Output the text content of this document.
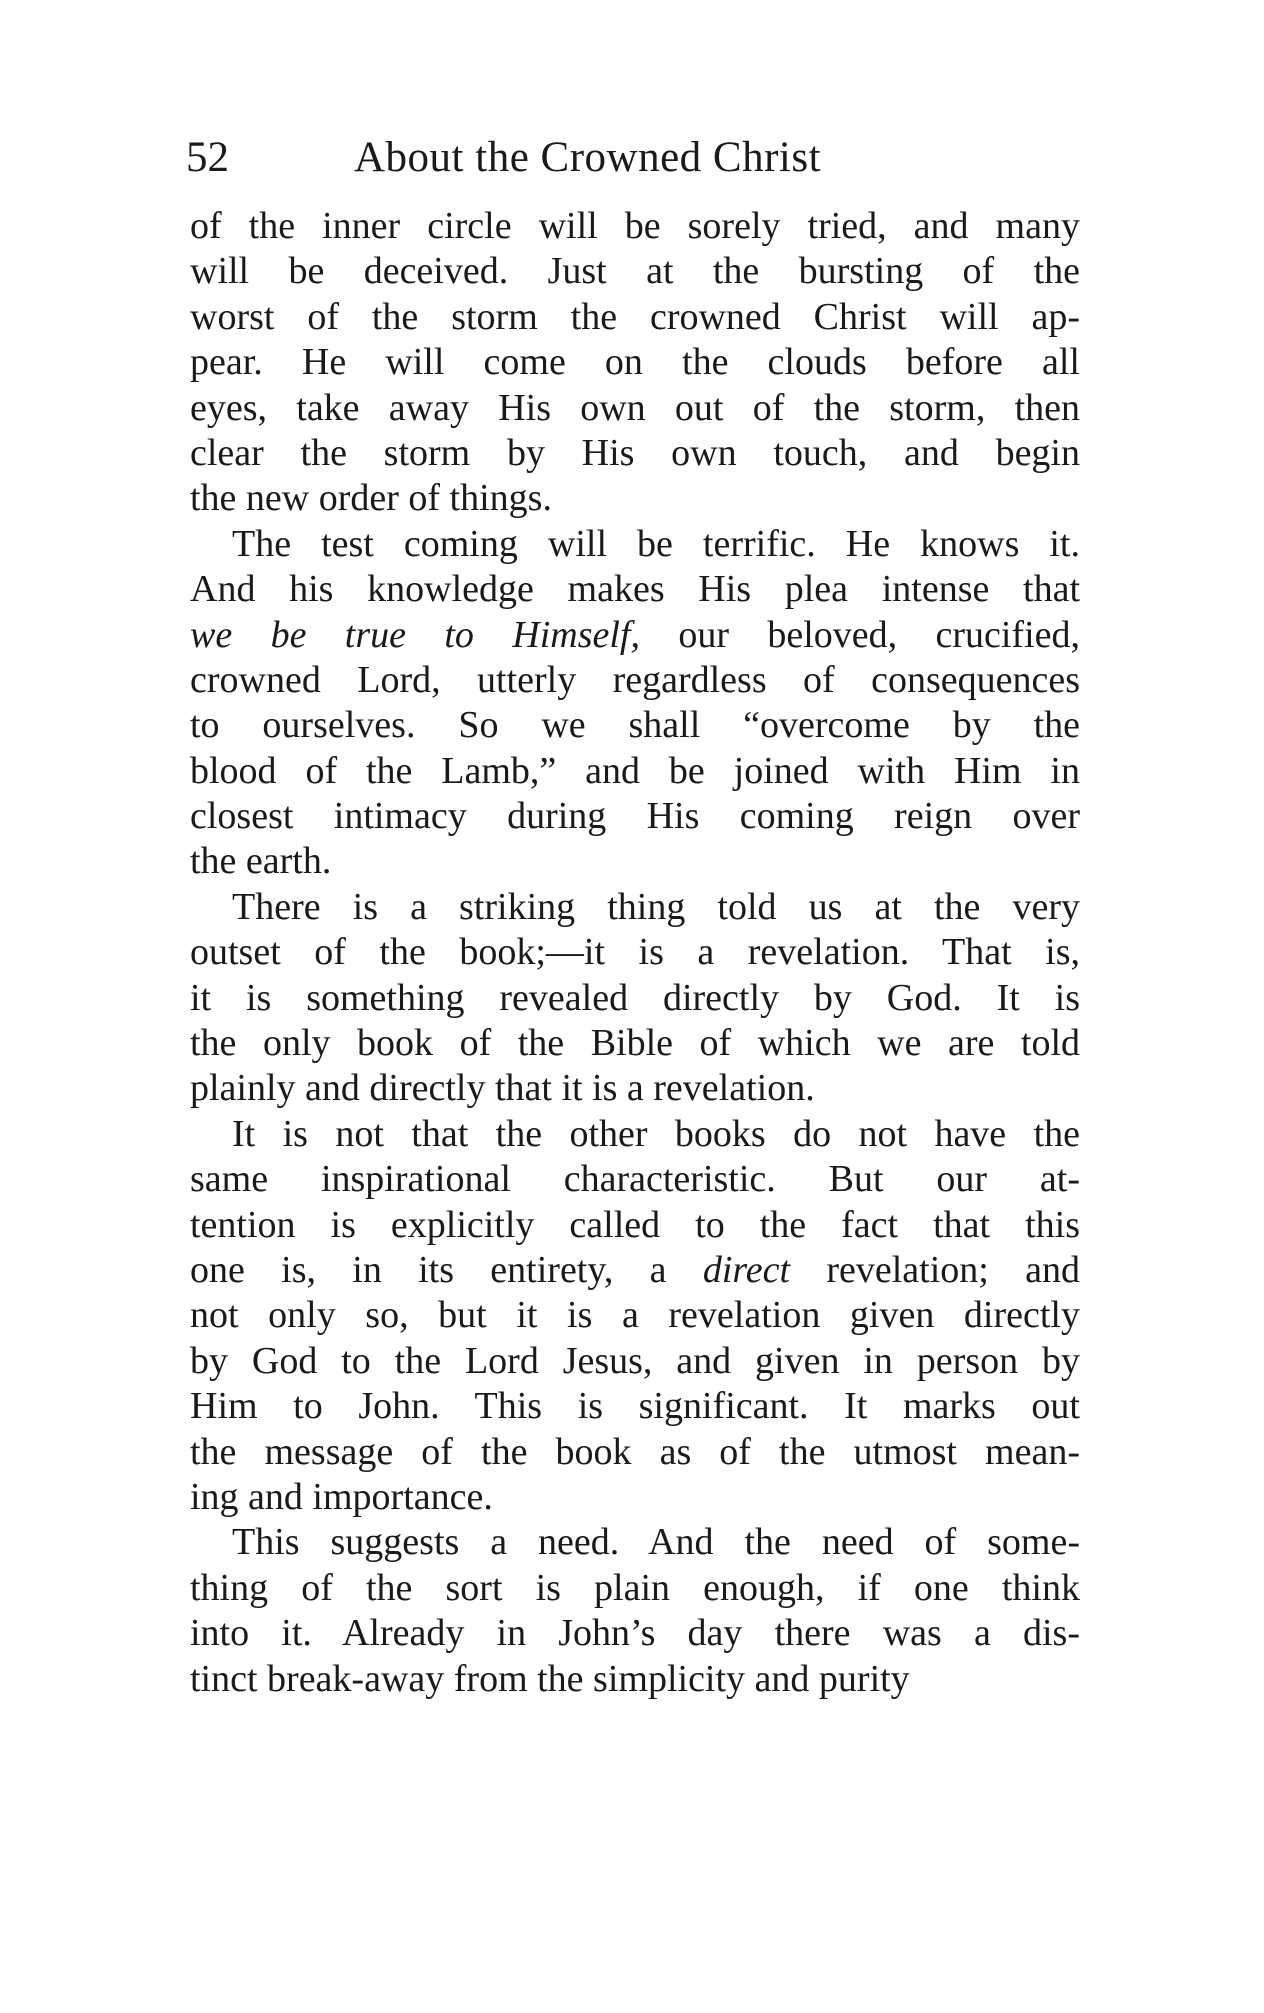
52	About the Crowned Christ
of the inner circle will be sorely tried, and many
will be deceived. Just at the bursting of the
worst of the storm the crowned Christ will ap-
pear. He will come on the clouds before all
eyes, take away His own out of the storm, then
clear the storm by His own touch, and begin
the new order of things.
The test coming will be terrific. He knows it.
And his knowledge makes His plea intense that
we be true to Himself, our beloved, crucified,
crowned Lord, utterly regardless of consequences
to ourselves. So we shall “overcome by the
blood of the Lamb,” and be joined with Him in
closest intimacy during His coming reign over
the earth.
There is a striking thing told us at the very
outset of the book;—it is a revelation. That is,
it is something revealed directly by God. It is
the only book of the Bible of which we are told
plainly and directly that it is a revelation.
It is not that the other books do not have the
same inspirational characteristic. But our at-
tention is explicitly called to the fact that this
one is, in its entirety, a direct revelation; and
not only so, but it is a revelation given directly
by God to the Lord Jesus, and given in person by
Him to John. This is significant. It marks out
the message of the book as of the utmost mean-
ing and importance.
This suggests a need. And the need of some-
thing of the sort is plain enough, if one think
into it. Already in John’s day there was a dis-
tinct break-away from the simplicity and purity
